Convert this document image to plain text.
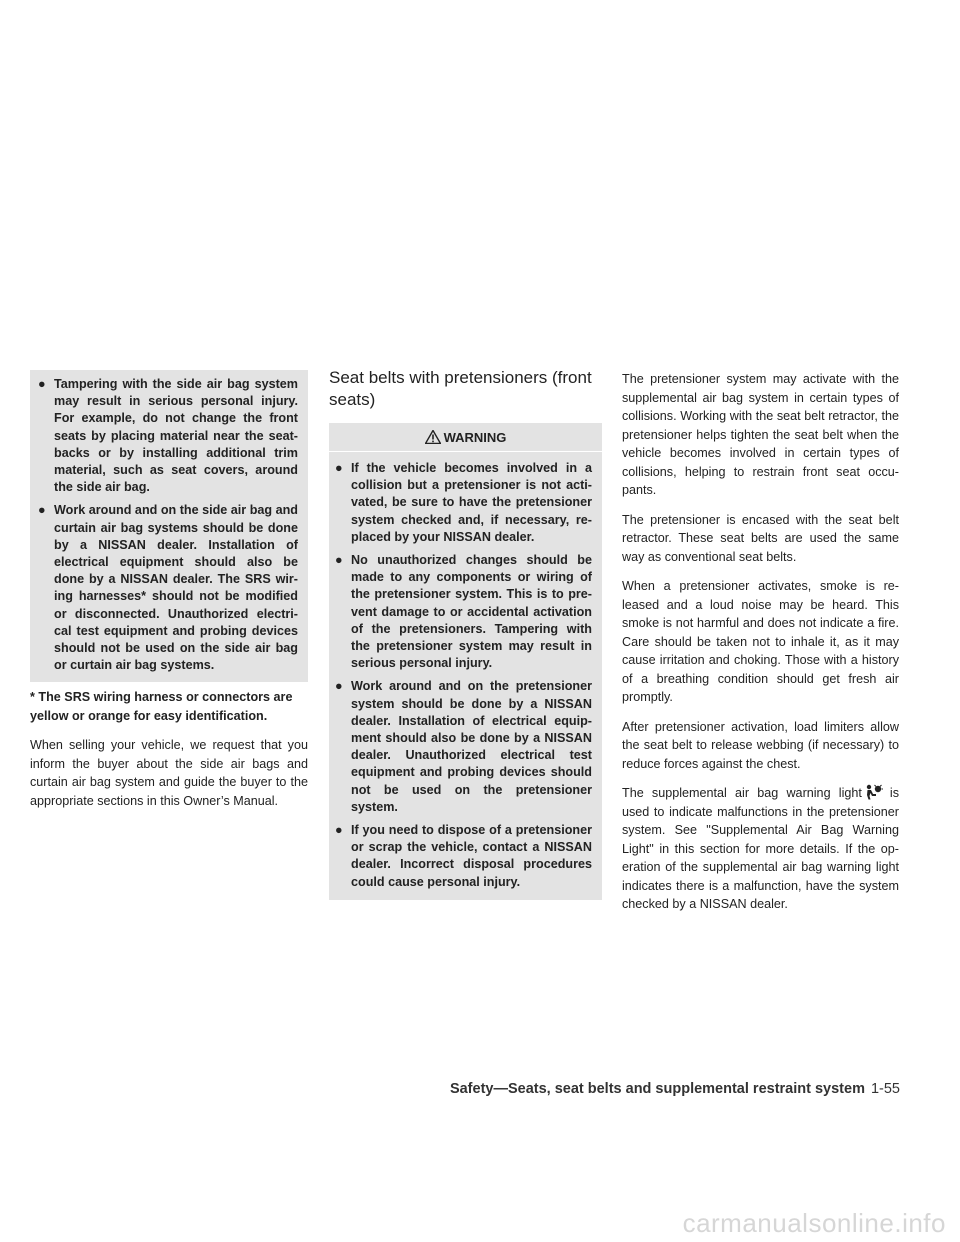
● Tampering with the side air bag system may result in serious personal injury. For example, do not change the front seats by placing material near the seat-backs or by installing additional trim material, such as seat covers, around the side air bag.
● Work around and on the side air bag and curtain air bag systems should be done by a NISSAN dealer. Installation of electrical equipment should also be done by a NISSAN dealer. The SRS wir-ing harnesses* should not be modified or disconnected. Unauthorized electri-cal test equipment and probing devices should not be used on the side air bag or curtain air bag systems.
* The SRS wiring harness or connectors are yellow or orange for easy identification.

When selling your vehicle, we request that you inform the buyer about the side air bags and curtain air bag system and guide the buyer to the appropriate sections in this Owner’s Manual.

Seat belts with pretensioners (front seats)
WARNING
● If the vehicle becomes involved in a collision but a pretensioner is not acti-vated, be sure to have the pretensioner system checked and, if necessary, re-placed by your NISSAN dealer.
● No unauthorized changes should be made to any components or wiring of the pretensioner system. This is to pre-vent damage to or accidental activation of the pretensioners. Tampering with the pretensioner system may result in serious personal injury.
● Work around and on the pretensioner system should be done by a NISSAN dealer. Installation of electrical equip-ment should also be done by a NISSAN dealer. Unauthorized electrical test equipment and probing devices should not be used on the pretensioner system.
● If you need to dispose of a pretensioner or scrap the vehicle, contact a NISSAN dealer. Incorrect disposal procedures could cause personal injury.

The pretensioner system may activate with the supplemental air bag system in certain types of collisions. Working with the seat belt retractor, the pretensioner helps tighten the seat belt when the vehicle becomes involved in certain types of collisions, helping to restrain front seat occu-pants.

The pretensioner is encased with the seat belt retractor. These seat belts are used the same way as conventional seat belts.

When a pretensioner activates, smoke is re-leased and a loud noise may be heard. This smoke is not harmful and does not indicate a fire. Care should be taken not to inhale it, as it may cause irritation and choking. Those with a history of a breathing condition should get fresh air promptly.

After pretensioner activation, load limiters allow the seat belt to release webbing (if necessary) to reduce forces against the chest.

The supplemental air bag warning light is used to indicate malfunctions in the pretensioner system. See "Supplemental Air Bag Warning Light" in this section for more details. If the op-eration of the supplemental air bag warning light indicates there is a malfunction, have the system checked by a NISSAN dealer.

Safety—Seats, seat belts and supplemental restraint system 1-55
carmanualsonline.info
